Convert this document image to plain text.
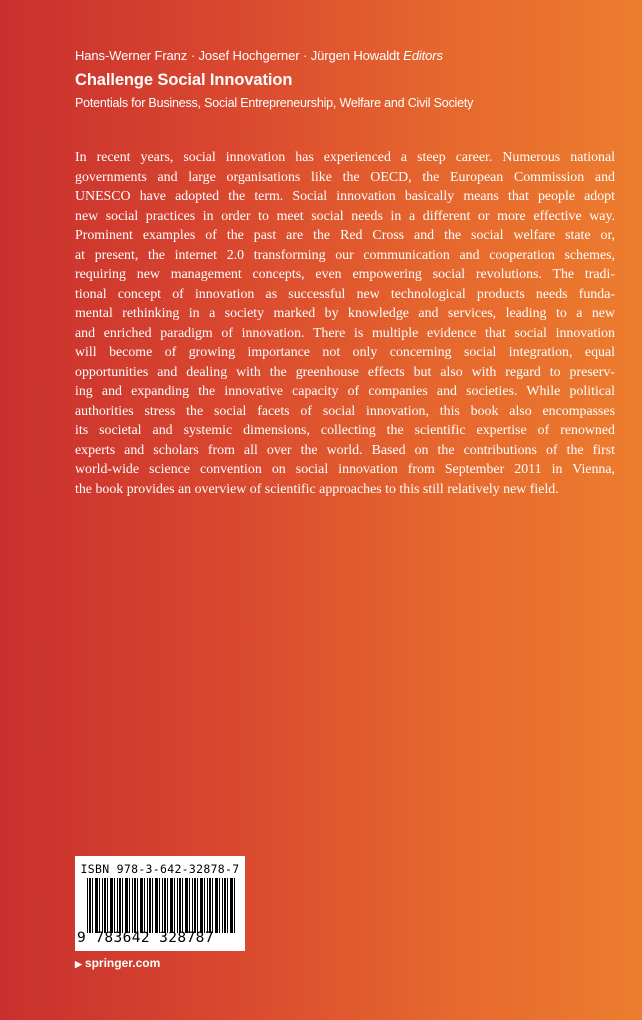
Hans-Werner Franz · Josef Hochgerner · Jürgen Howaldt Editors
Challenge Social Innovation
Potentials for Business, Social Entrepreneurship, Welfare and Civil Society
In recent years, social innovation has experienced a steep career. Numerous national
governments and large organisations like the OECD, the European Commission and
UNESCO have adopted the term. Social innovation basically means that people adopt
new social practices in order to meet social needs in a different or more effective way.
Prominent examples of the past are the Red Cross and the social welfare state or,
at present, the internet 2.0 transforming our communication and cooperation schemes,
requiring new management concepts, even empowering social revolutions. The tradi-
tional concept of innovation as successful new technological products needs funda-
mental rethinking in a society marked by knowledge and services, leading to a new
and enriched paradigm of innovation. There is multiple evidence that social innovation
will become of growing importance not only concerning social integration, equal
opportunities and dealing with the greenhouse effects but also with regard to preserv-
ing and expanding the innovative capacity of companies and societies. While political
authorities stress the social facets of social innovation, this book also encompasses
its societal and systemic dimensions, collecting the scientific expertise of renowned
experts and scholars from all over the world. Based on the contributions of the first
world-wide science convention on social innovation from September 2011 in Vienna,
the book provides an overview of scientific approaches to this still relatively new field.
ISBN 978-3-642-32878-7
9 783642 328787
▶ springer.com
